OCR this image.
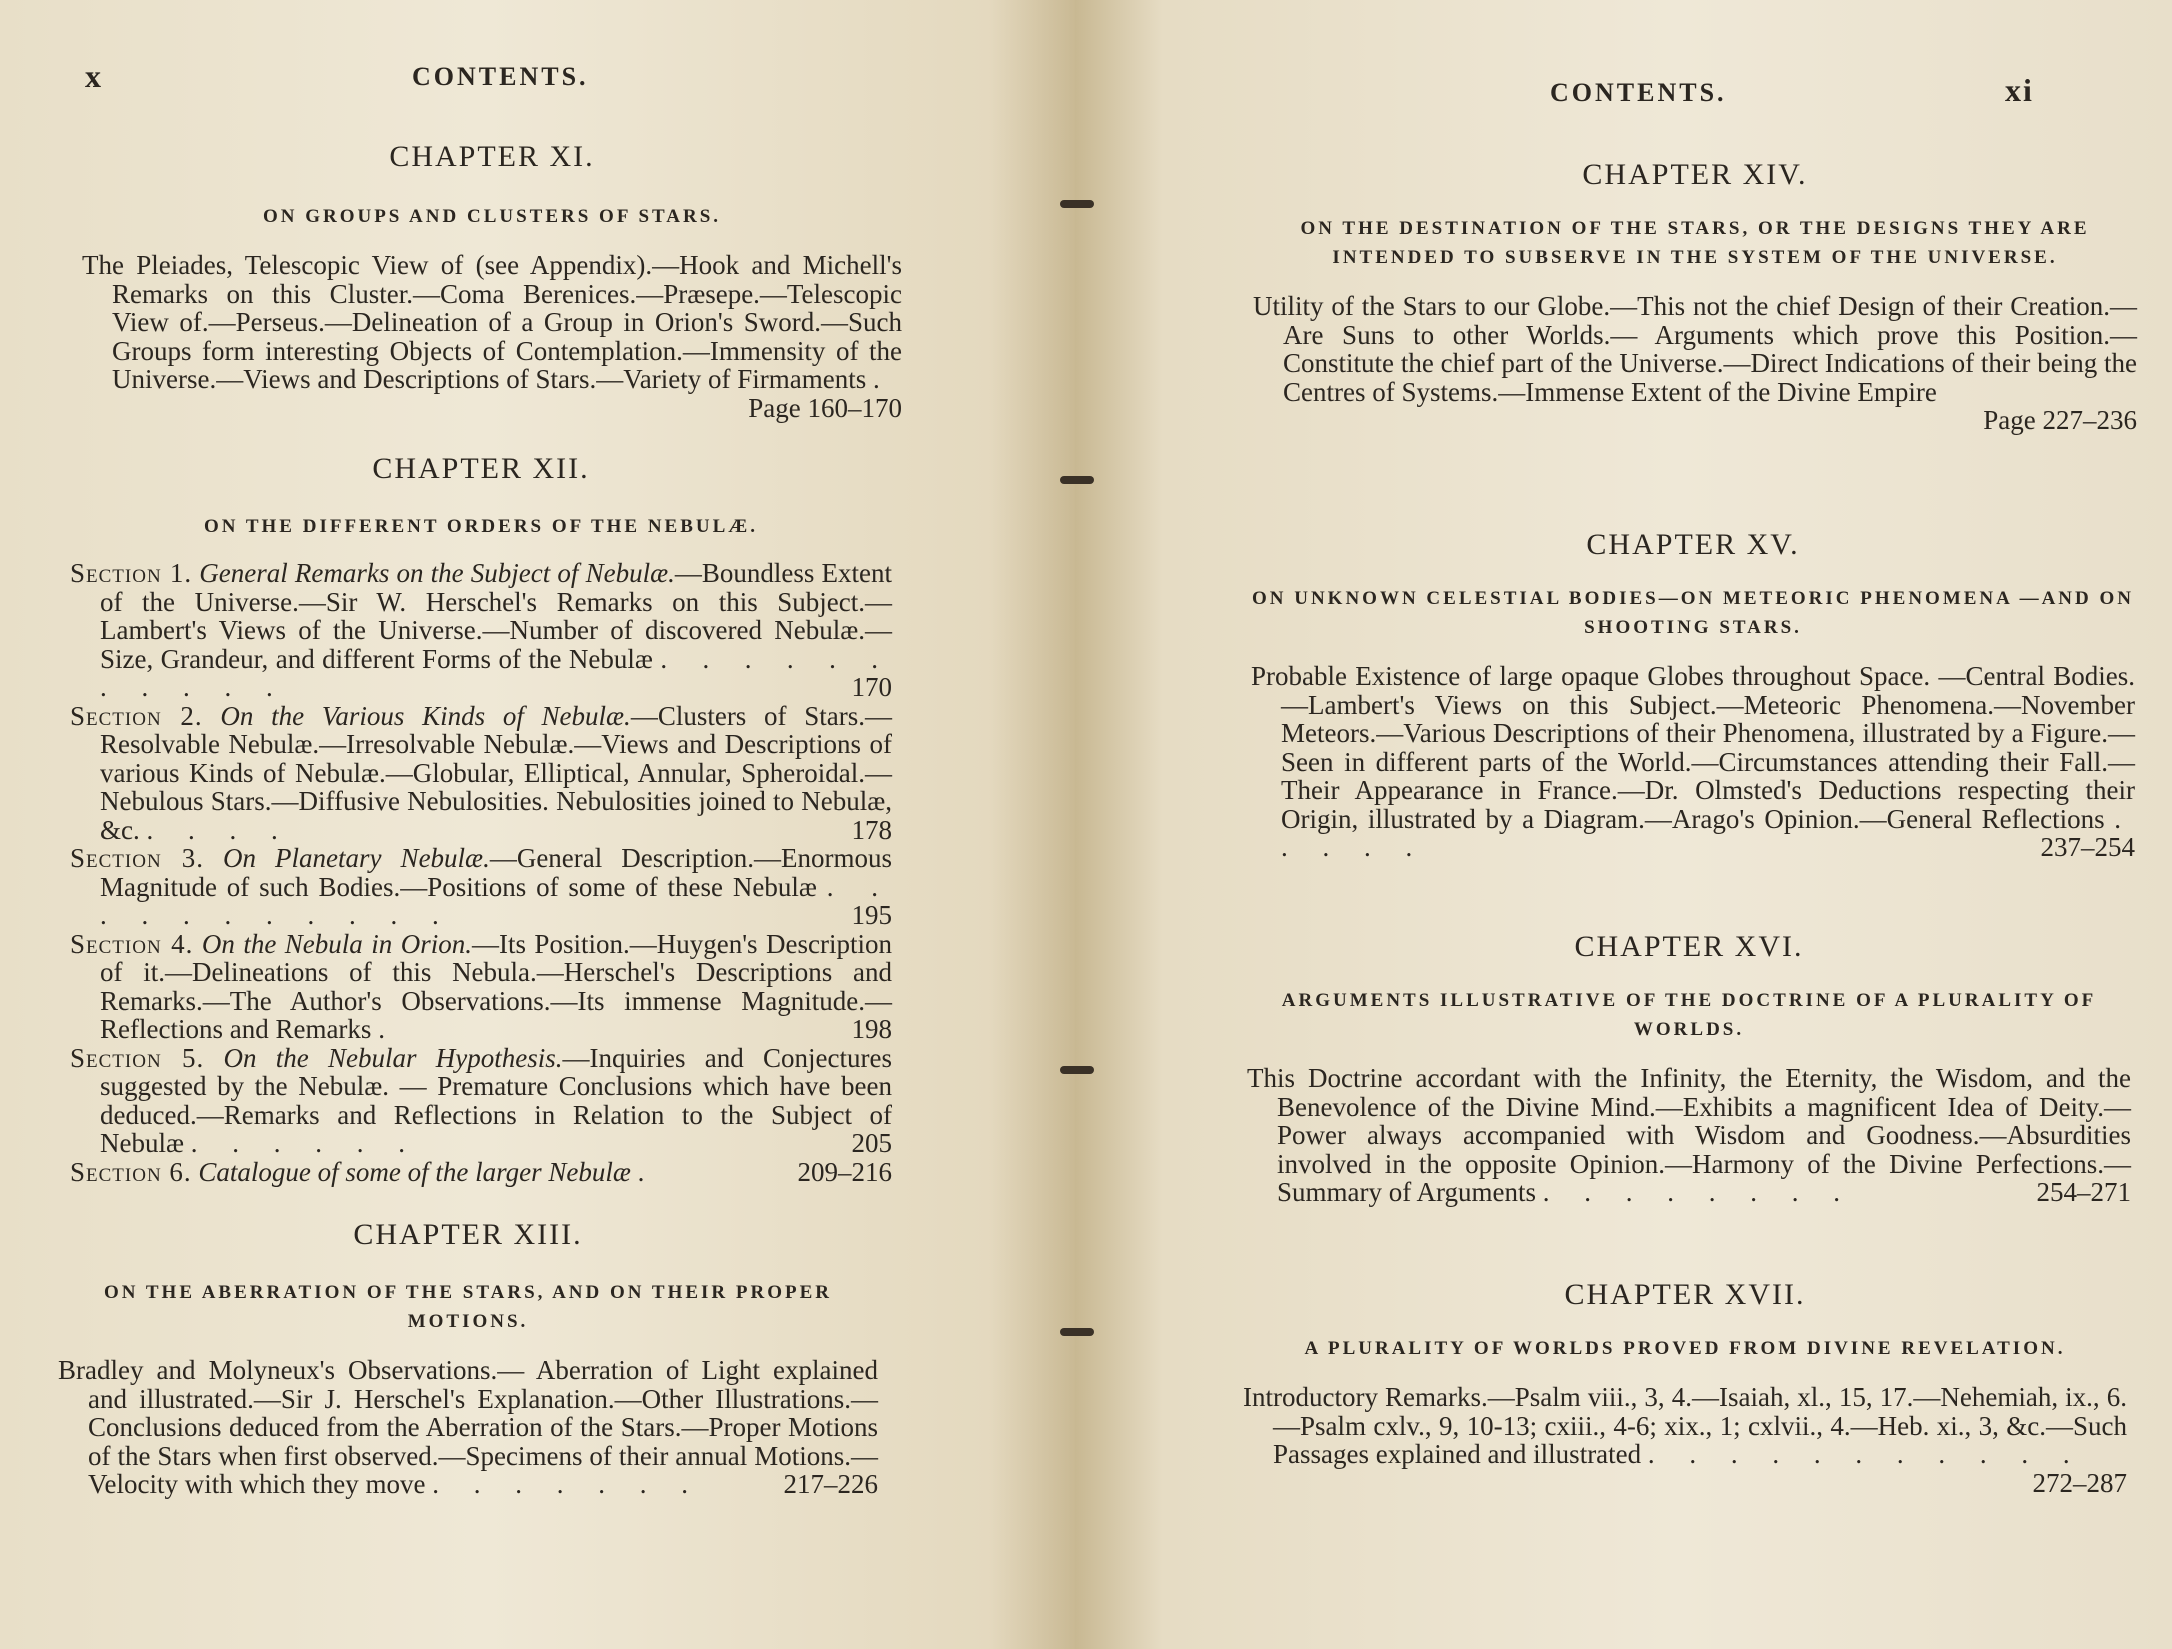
x	CONTENTS.
CHAPTER XI.
ON GROUPS AND CLUSTERS OF STARS.
The Pleiades, Telescopic View of (see Appendix).—Hook and Michell's Remarks on this Cluster.—Coma Berenices.—Præsepe.—Telescopic View of.—Perseus.—Delineation of a Group in Orion's Sword.—Such Groups form interesting Objects of Contemplation.—Immensity of the Universe.—Views and Descriptions of Stars.—Variety of Firmaments .
Page 160–170
CHAPTER XII.
ON THE DIFFERENT ORDERS OF THE NEBULÆ.
Section 1. General Remarks on the Subject of Nebulæ.—Boundless Extent of the Universe.—Sir W. Herschel's Remarks on this Subject.—Lambert's Views of the Universe.—Number of discovered Nebulæ.—Size, Grandeur, and different Forms of the Nebulæ . . . . . . . . . . .	170
Section 2. On the Various Kinds of Nebulæ.—Clusters of Stars.—Resolvable Nebulæ.—Irresolvable Nebulæ.—Views and Descriptions of various Kinds of Nebulæ.—Globular, Elliptical, Annular, Spheroidal.—Nebulous Stars.—Diffusive Nebulosities. Nebulosities joined to Nebulæ, &c. . . . .	178
Section 3. On Planetary Nebulæ.—General Description.—Enormous Magnitude of such Bodies.—Positions of some of these Nebulæ . . . . . . . . . . .	195
Section 4. On the Nebula in Orion.—Its Position.—Huygen's Description of it.—Delineations of this Nebula.—Herschel's Descriptions and Remarks.—The Author's Observations.—Its immense Magnitude.—Reflections and Remarks .	198
Section 5. On the Nebular Hypothesis.—Inquiries and Conjectures suggested by the Nebulæ. — Premature Conclusions which have been deduced.—Remarks and Reflections in Relation to the Subject of Nebulæ . . . . . .	205
Section 6. Catalogue of some of the larger Nebulæ .	209–216
CHAPTER XIII.
ON THE ABERRATION OF THE STARS, AND ON THEIR PROPER MOTIONS.
Bradley and Molyneux's Observations.— Aberration of Light explained and illustrated.—Sir J. Herschel's Explanation.—Other Illustrations.—Conclusions deduced from the Aberration of the Stars.—Proper Motions of the Stars when first observed.—Specimens of their annual Motions.—Velocity with which they move . . . . . . .	217–226
CONTENTS.	xi
CHAPTER XIV.
ON THE DESTINATION OF THE STARS, OR THE DESIGNS THEY ARE INTENDED TO SUBSERVE IN THE SYSTEM OF THE UNIVERSE.
Utility of the Stars to our Globe.—This not the chief Design of their Creation.— Are Suns to other Worlds.— Arguments which prove this Position.—Constitute the chief part of the Universe.—Direct Indications of their being the Centres of Systems.—Immense Extent of the Divine Empire
Page 227–236
CHAPTER XV.
ON UNKNOWN CELESTIAL BODIES—ON METEORIC PHENOMENA —AND ON SHOOTING STARS.
Probable Existence of large opaque Globes throughout Space. —Central Bodies.—Lambert's Views on this Subject.—Meteoric Phenomena.—November Meteors.—Various Descriptions of their Phenomena, illustrated by a Figure.—Seen in different parts of the World.—Circumstances attending their Fall.—Their Appearance in France.—Dr. Olmsted's Deductions respecting their Origin, illustrated by a Diagram.—Arago's Opinion.—General Reflections . . . . .	237–254
CHAPTER XVI.
ARGUMENTS ILLUSTRATIVE OF THE DOCTRINE OF A PLURALITY OF WORLDS.
This Doctrine accordant with the Infinity, the Eternity, the Wisdom, and the Benevolence of the Divine Mind.—Exhibits a magnificent Idea of Deity.—Power always accompanied with Wisdom and Goodness.—Absurdities involved in the opposite Opinion.—Harmony of the Divine Perfections.—Summary of Arguments . . . . . . . .	254–271
CHAPTER XVII.
A PLURALITY OF WORLDS PROVED FROM DIVINE REVELATION.
Introductory Remarks.—Psalm viii., 3, 4.—Isaiah, xl., 15, 17.—Nehemiah, ix., 6.—Psalm cxlv., 9, 10-13; cxiii., 4-6; xix., 1; cxlvii., 4.—Heb. xi., 3, &c.—Such Passages explained and illustrated . . . . . . . . . . .
272–287
